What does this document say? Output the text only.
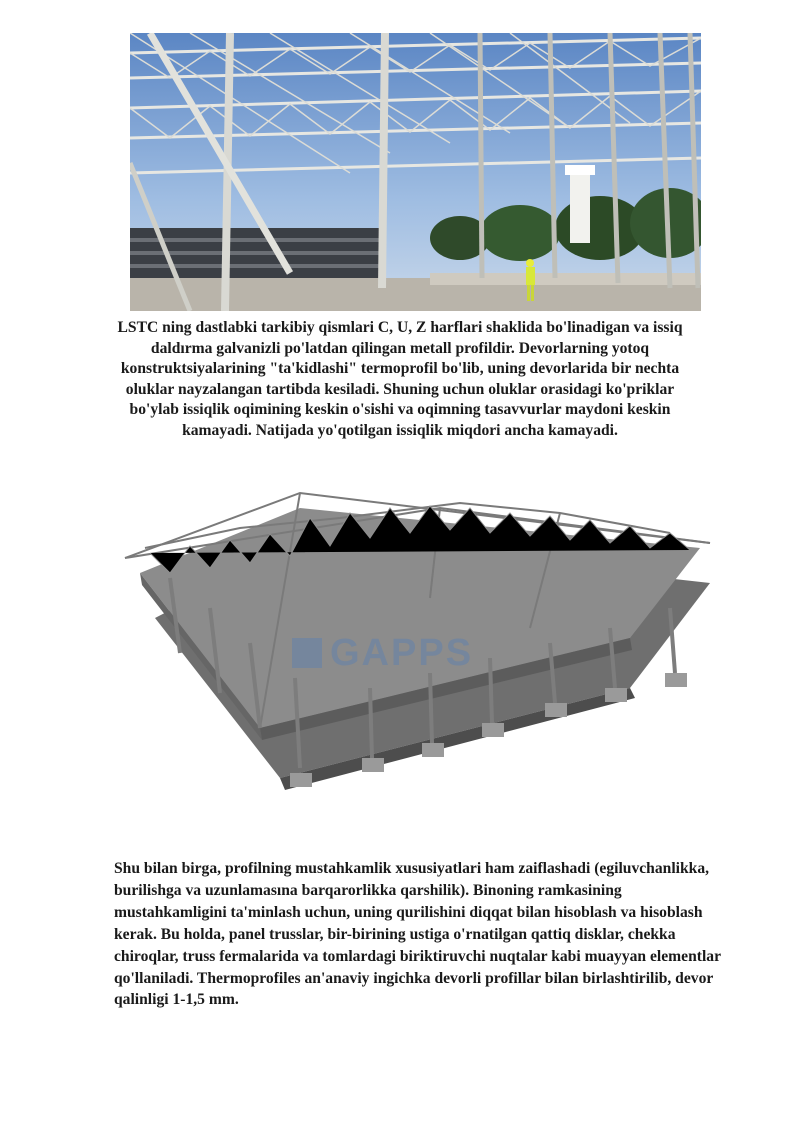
LSTC ning dastlabki tarkibiy qismlari C, U, Z harflari shaklida bo'linadigan va issiq daldırma galvanizli po'latdan qilingan metall profildir. Devorlarning yotoq konstruktsiyalarining "ta'kidlashi" termoprofil bo'lib, uning devorlarida bir nechta oluklar nayzalangan tartibda kesiladi. Shuning uchun oluklar orasidagi ko'priklar bo'ylab issiqlik oqimining keskin o'sishi va oqimning tasavvurlar maydoni keskin kamayadi. Natijada yo'qotilgan issiqlik miqdori ancha kamayadi.
GAPPS
Shu bilan birga, profilning mustahkamlik xususiyatlari ham zaiflashadi (egiluvchanlikka, burilishga va uzunlamasına barqarorlikka qarshilik). Binoning ramkasining mustahkamligini ta'minlash uchun, uning qurilishini diqqat bilan hisoblash va hisoblash kerak. Bu holda, panel trusslar, bir-birining ustiga o'rnatilgan qattiq disklar, chekka chiroqlar, truss fermalarida va tomlardagi biriktiruvchi nuqtalar kabi muayyan elementlar qo'llaniladi. Thermoprofiles an'anaviy ingichka devorli profillar bilan birlashtirilib, devor qalinligi 1-1,5 mm.
